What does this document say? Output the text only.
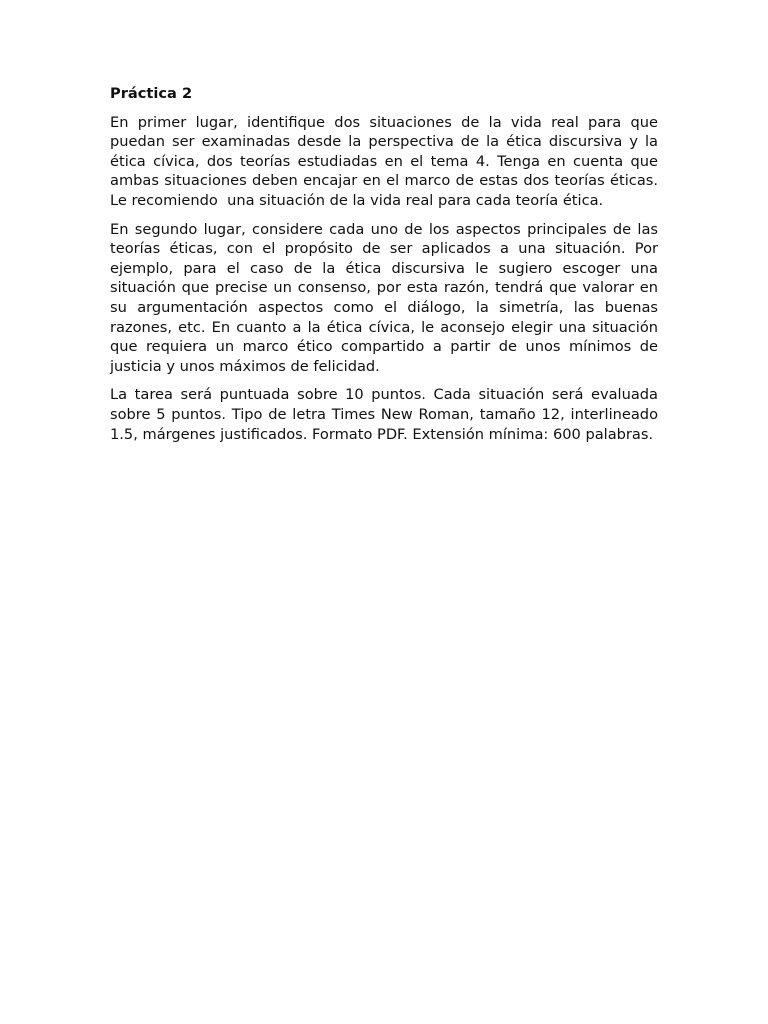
Práctica 2

En primer lugar, identifique dos situaciones de la vida real para que puedan ser examinadas desde la perspectiva de la ética discursiva y la ética cívica, dos teorías estudiadas en el tema 4. Tenga en cuenta que ambas situaciones deben encajar en el marco de estas dos teorías éticas. Le recomiendo  una situación de la vida real para cada teoría ética.

En segundo lugar, considere cada uno de los aspectos principales de las teorías éticas, con el propósito de ser aplicados a una situación. Por ejemplo, para el caso de la ética discursiva le sugiero escoger una situación que precise un consenso, por esta razón, tendrá que valorar en su argumentación aspectos como el diálogo, la simetría, las buenas razones, etc. En cuanto a la ética cívica, le aconsejo elegir una situación que requiera un marco ético compartido a partir de unos mínimos de justicia y unos máximos de felicidad.

La tarea será puntuada sobre 10 puntos. Cada situación será evaluada sobre 5 puntos. Tipo de letra Times New Roman, tamaño 12, interlineado 1.5, márgenes justificados. Formato PDF. Extensión mínima: 600 palabras.
